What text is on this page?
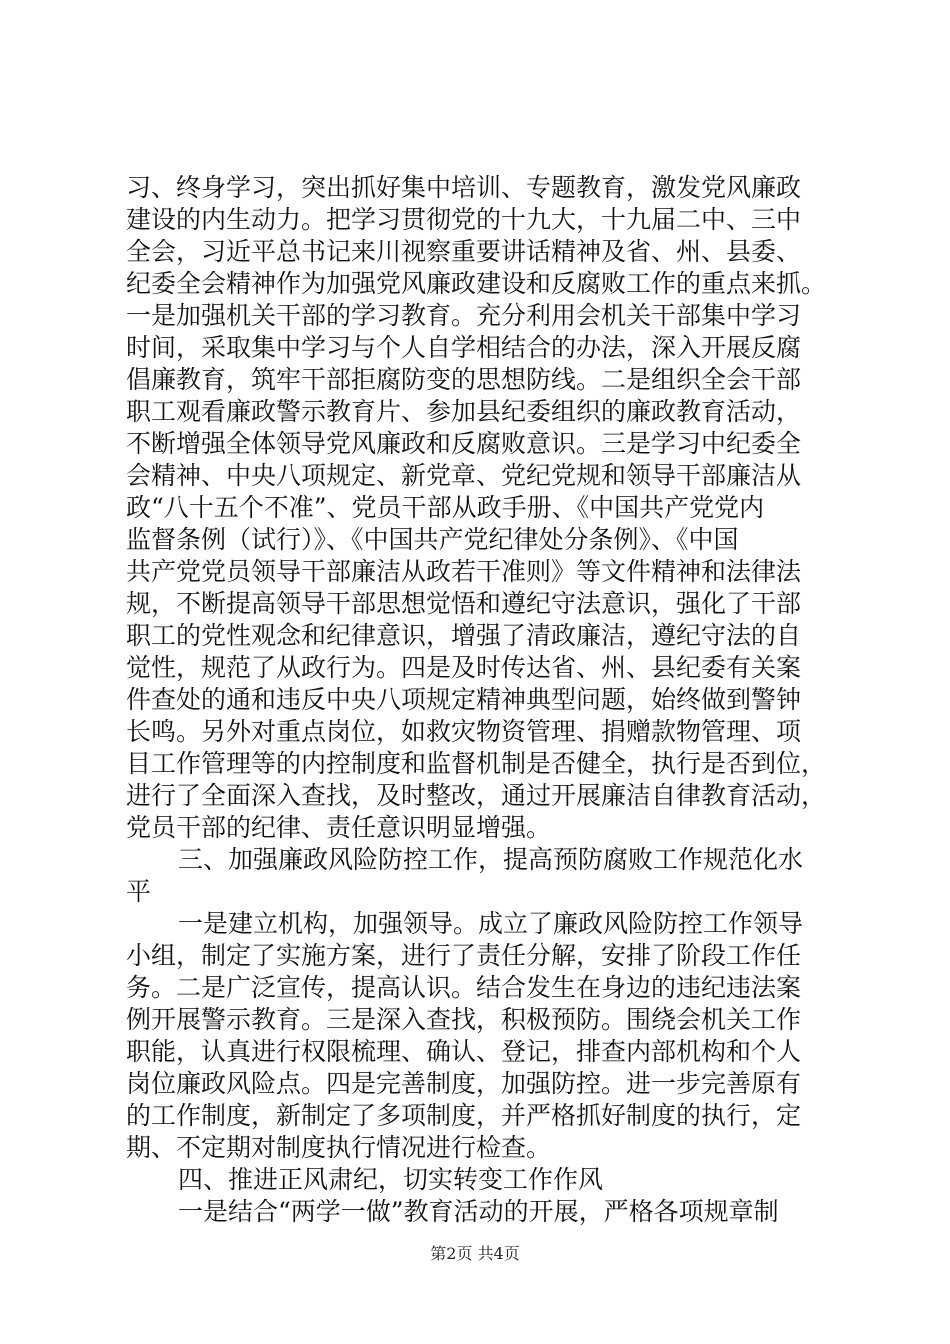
习、终身学习，突出抓好集中培训、专题教育，激发党风廉政
建设的内生动力。把学习贯彻党的十九大，十九届二中、三中
全会，习近平总书记来川视察重要讲话精神及省、州、县委、
纪委全会精神作为加强党风廉政建设和反腐败工作的重点来抓。
一是加强机关干部的学习教育。充分利用会机关干部集中学习
时间，采取集中学习与个人自学相结合的办法，深入开展反腐
倡廉教育，筑牢干部拒腐防变的思想防线。二是组织全会干部
职工观看廉政警示教育片、参加县纪委组织的廉政教育活动，
不断增强全体领导党风廉政和反腐败意识。三是学习中纪委全
会精神、中央八项规定、新党章、党纪党规和领导干部廉洁从
政“八十五个不准”、党员干部从政手册、《中国共产党党内
监督条例（试行）》、《中国共产党纪律处分条例》、《中国
共产党党员领导干部廉洁从政若干准则》等文件精神和法律法
规，不断提高领导干部思想觉悟和遵纪守法意识，强化了干部
职工的党性观念和纪律意识，增强了清政廉洁，遵纪守法的自
觉性，规范了从政行为。四是及时传达省、州、县纪委有关案
件查处的通和违反中央八项规定精神典型问题，始终做到警钟
长鸣。另外对重点岗位，如救灾物资管理、捐赠款物管理、项
目工作管理等的内控制度和监督机制是否健全，执行是否到位，
进行了全面深入查找，及时整改，通过开展廉洁自律教育活动，
党员干部的纪律、责任意识明显增强。
三、加强廉政风险防控工作，提高预防腐败工作规范化水
平
一是建立机构，加强领导。成立了廉政风险防控工作领导
小组，制定了实施方案，进行了责任分解，安排了阶段工作任
务。二是广泛宣传，提高认识。结合发生在身边的违纪违法案
例开展警示教育。三是深入查找，积极预防。围绕会机关工作
职能，认真进行权限梳理、确认、登记，排查内部机构和个人
岗位廉政风险点。四是完善制度，加强防控。进一步完善原有
的工作制度，新制定了多项制度，并严格抓好制度的执行，定
期、不定期对制度执行情况进行检查。
四、推进正风肃纪，切实转变工作作风
一是结合“两学一做”教育活动的开展，严格各项规章制
第2页 共4页
